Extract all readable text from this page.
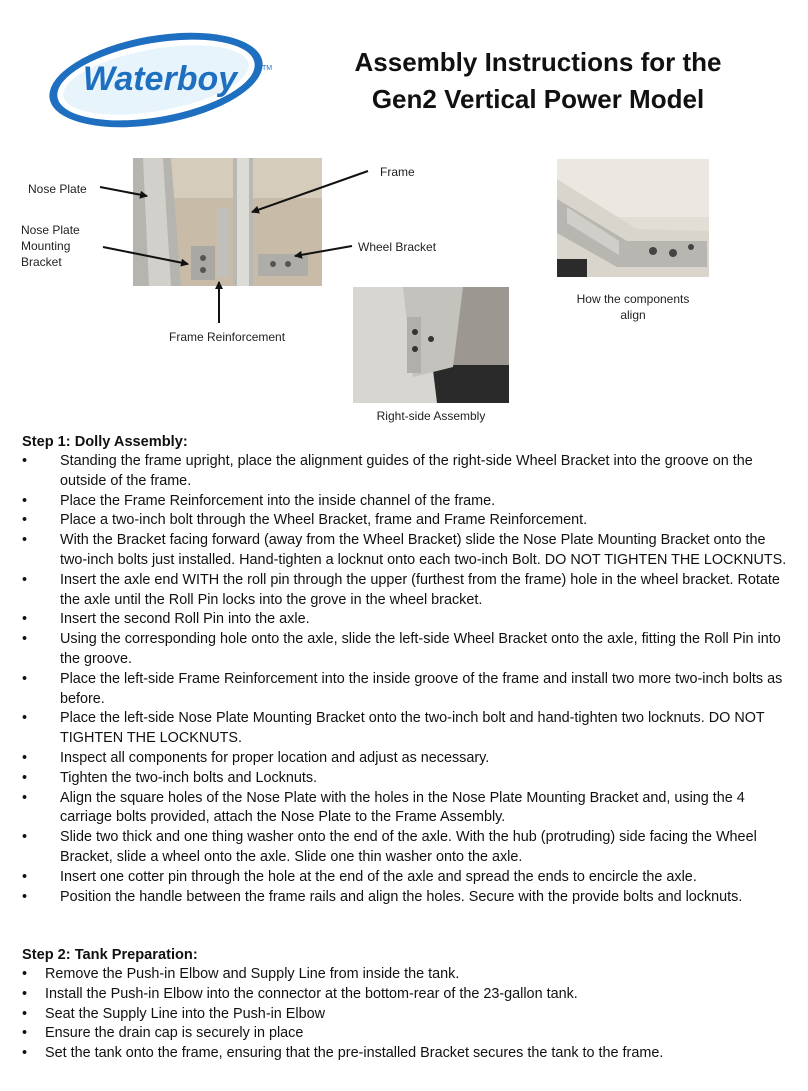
Waterboy	TM	Assembly Instructions for the
Gen2 Vertical Power Model
Nose Plate
Nose Plate
Mounting
Bracket
Frame
Wheel Bracket
Frame Reinforcement
Right-side Assembly
How the components
align
Step 1: Dolly Assembly:
• Standing the frame upright, place the alignment guides of the right-side Wheel Bracket into the groove on the outside of the frame.
• Place the Frame Reinforcement into the inside channel of the frame.
• Place a two-inch bolt through the Wheel Bracket, frame and Frame Reinforcement.
• With the Bracket facing forward (away from the Wheel Bracket) slide the Nose Plate Mounting Bracket onto the two-inch bolts just installed. Hand-tighten a locknut onto each two-inch Bolt. DO NOT TIGHTEN THE LOCKNUTS.
• Insert the axle end WITH the roll pin through the upper (furthest from the frame) hole in the wheel bracket. Rotate the axle until the Roll Pin locks into the grove in the wheel bracket.
• Insert the second Roll Pin into the axle.
• Using the corresponding hole onto the axle, slide the left-side Wheel Bracket onto the axle, fitting the Roll Pin into the groove.
• Place the left-side Frame Reinforcement into the inside groove of the frame and install two more two-inch bolts as before.
• Place the left-side Nose Plate Mounting Bracket onto the two-inch bolt and hand-tighten two locknuts. DO NOT TIGHTEN THE LOCKNUTS.
• Inspect all components for proper location and adjust as necessary.
• Tighten the two-inch bolts and Locknuts.
• Align the square holes of the Nose Plate with the holes in the Nose Plate Mounting Bracket and, using the 4 carriage bolts provided, attach the Nose Plate to the Frame Assembly.
• Slide two thick and one thing washer onto the end of the axle. With the hub (protruding) side facing the Wheel Bracket, slide a wheel onto the axle. Slide one thin washer onto the axle.
• Insert one cotter pin through the hole at the end of the axle and spread the ends to encircle the axle.
• Position the handle between the frame rails and align the holes. Secure with the provide bolts and locknuts.
Step 2: Tank Preparation:
• Remove the Push-in Elbow and Supply Line from inside the tank.
• Install the Push-in Elbow into the connector at the bottom-rear of the 23-gallon tank.
• Seat the Supply Line into the Push-in Elbow
• Ensure the drain cap is securely in place
• Set the tank onto the frame, ensuring that the pre-installed Bracket secures the tank to the frame.
